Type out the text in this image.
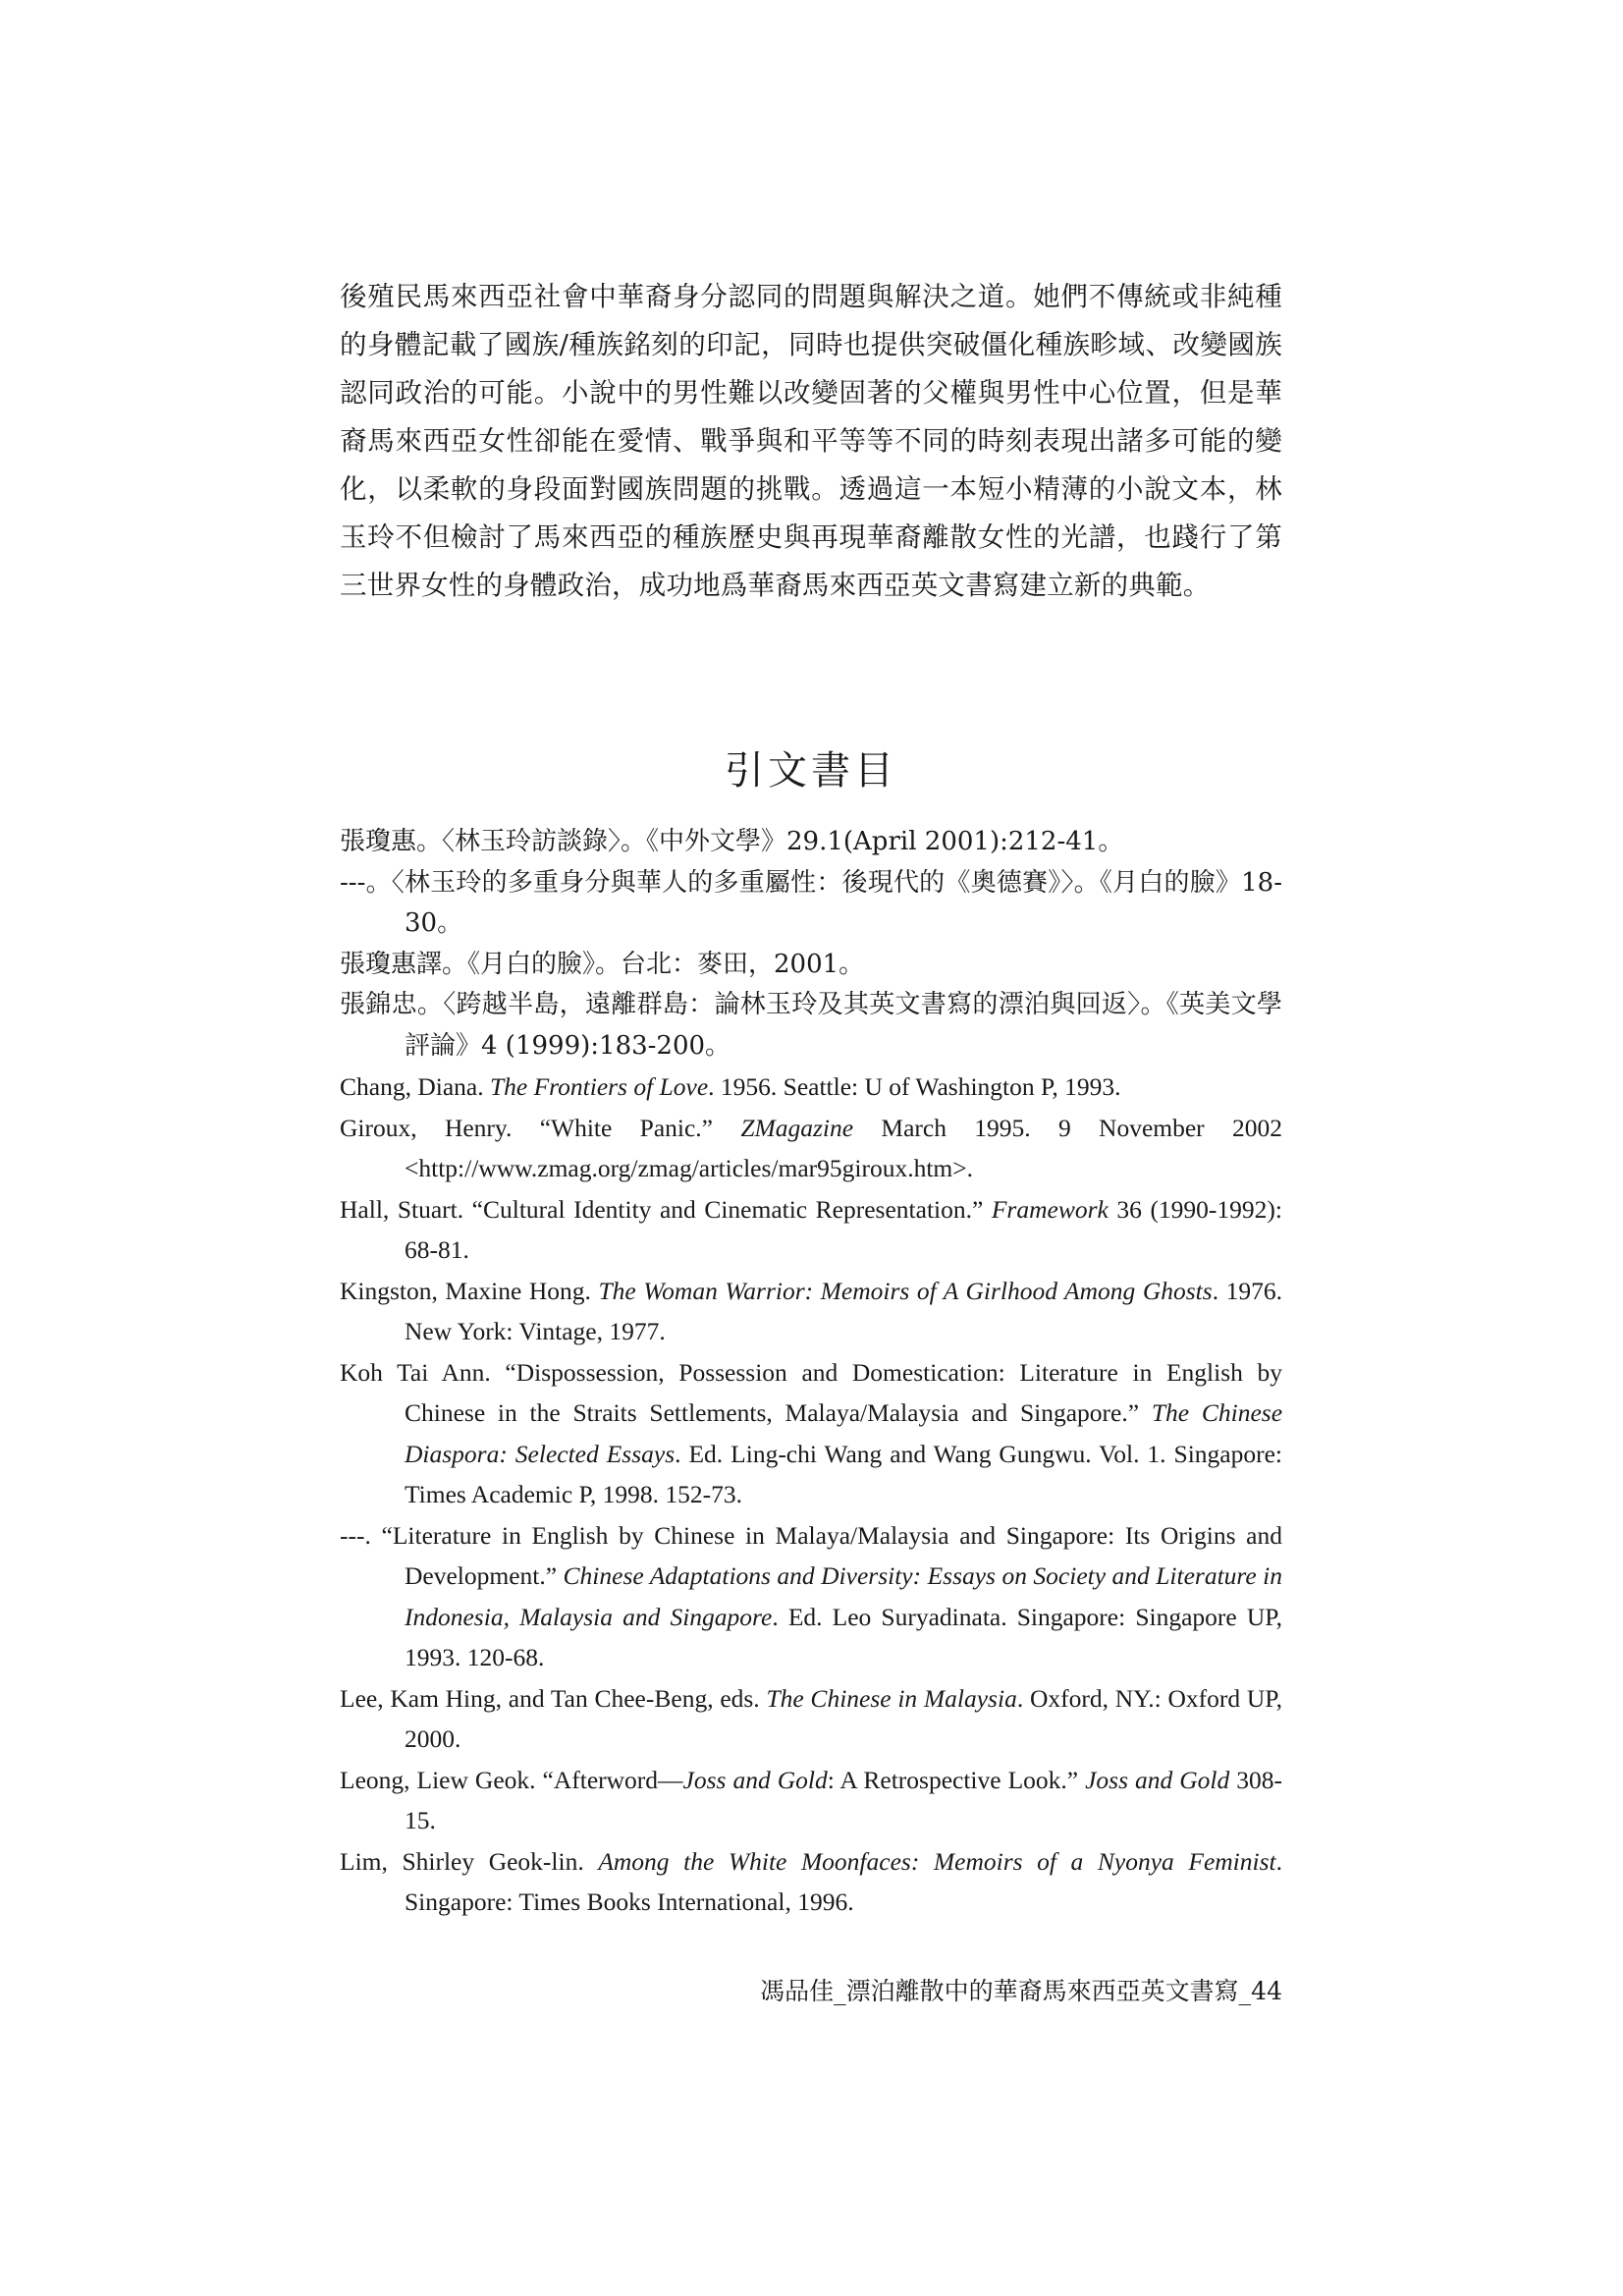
後殖民馬來西亞社會中華裔身分認同的問題與解決之道。她們不傳統或非純種的身體記載了國族/種族銘刻的印記，同時也提供突破僵化種族畛域、改變國族認同政治的可能。小說中的男性難以改變固著的父權與男性中心位置，但是華裔馬來西亞女性卻能在愛情、戰爭與和平等等不同的時刻表現出諸多可能的變化，以柔軟的身段面對國族問題的挑戰。透過這一本短小精薄的小說文本，林玉玲不但檢討了馬來西亞的種族歷史與再現華裔離散女性的光譜，也踐行了第三世界女性的身體政治，成功地爲華裔馬來西亞英文書寫建立新的典範。

引文書目
張瓊惠。〈林玉玲訪談錄〉。《中外文學》29.1(April 2001):212-41。
---。〈林玉玲的多重身分與華人的多重屬性：後現代的《奧德賽》〉。《月白的臉》18-30。
張瓊惠譯。《月白的臉》。台北：麥田，2001。
張錦忠。〈跨越半島，遠離群島：論林玉玲及其英文書寫的漂泊與回返〉。《英美文學評論》4 (1999):183-200。
Chang, Diana. The Frontiers of Love. 1956. Seattle: U of Washington P, 1993.
Giroux, Henry. “White Panic.” ZMagazine March 1995. 9 November 2002 <http://www.zmag.org/zmag/articles/mar95giroux.htm>.
Hall, Stuart. “Cultural Identity and Cinematic Representation.” Framework 36 (1990-1992): 68-81.
Kingston, Maxine Hong. The Woman Warrior: Memoirs of A Girlhood Among Ghosts. 1976. New York: Vintage, 1977.
Koh Tai Ann. “Dispossession, Possession and Domestication: Literature in English by Chinese in the Straits Settlements, Malaya/Malaysia and Singapore.” The Chinese Diaspora: Selected Essays. Ed. Ling-chi Wang and Wang Gungwu. Vol. 1. Singapore: Times Academic P, 1998. 152-73.
---. “Literature in English by Chinese in Malaya/Malaysia and Singapore: Its Origins and Development.” Chinese Adaptations and Diversity: Essays on Society and Literature in Indonesia, Malaysia and Singapore. Ed. Leo Suryadinata. Singapore: Singapore UP, 1993. 120-68.
Lee, Kam Hing, and Tan Chee-Beng, eds. The Chinese in Malaysia. Oxford, NY.: Oxford UP, 2000.
Leong, Liew Geok. “Afterword—Joss and Gold: A Retrospective Look.” Joss and Gold 308-15.
Lim, Shirley Geok-lin. Among the White Moonfaces: Memoirs of a Nyonya Feminist. Singapore: Times Books International, 1996.
馮品佳_漂泊離散中的華裔馬來西亞英文書寫_44
